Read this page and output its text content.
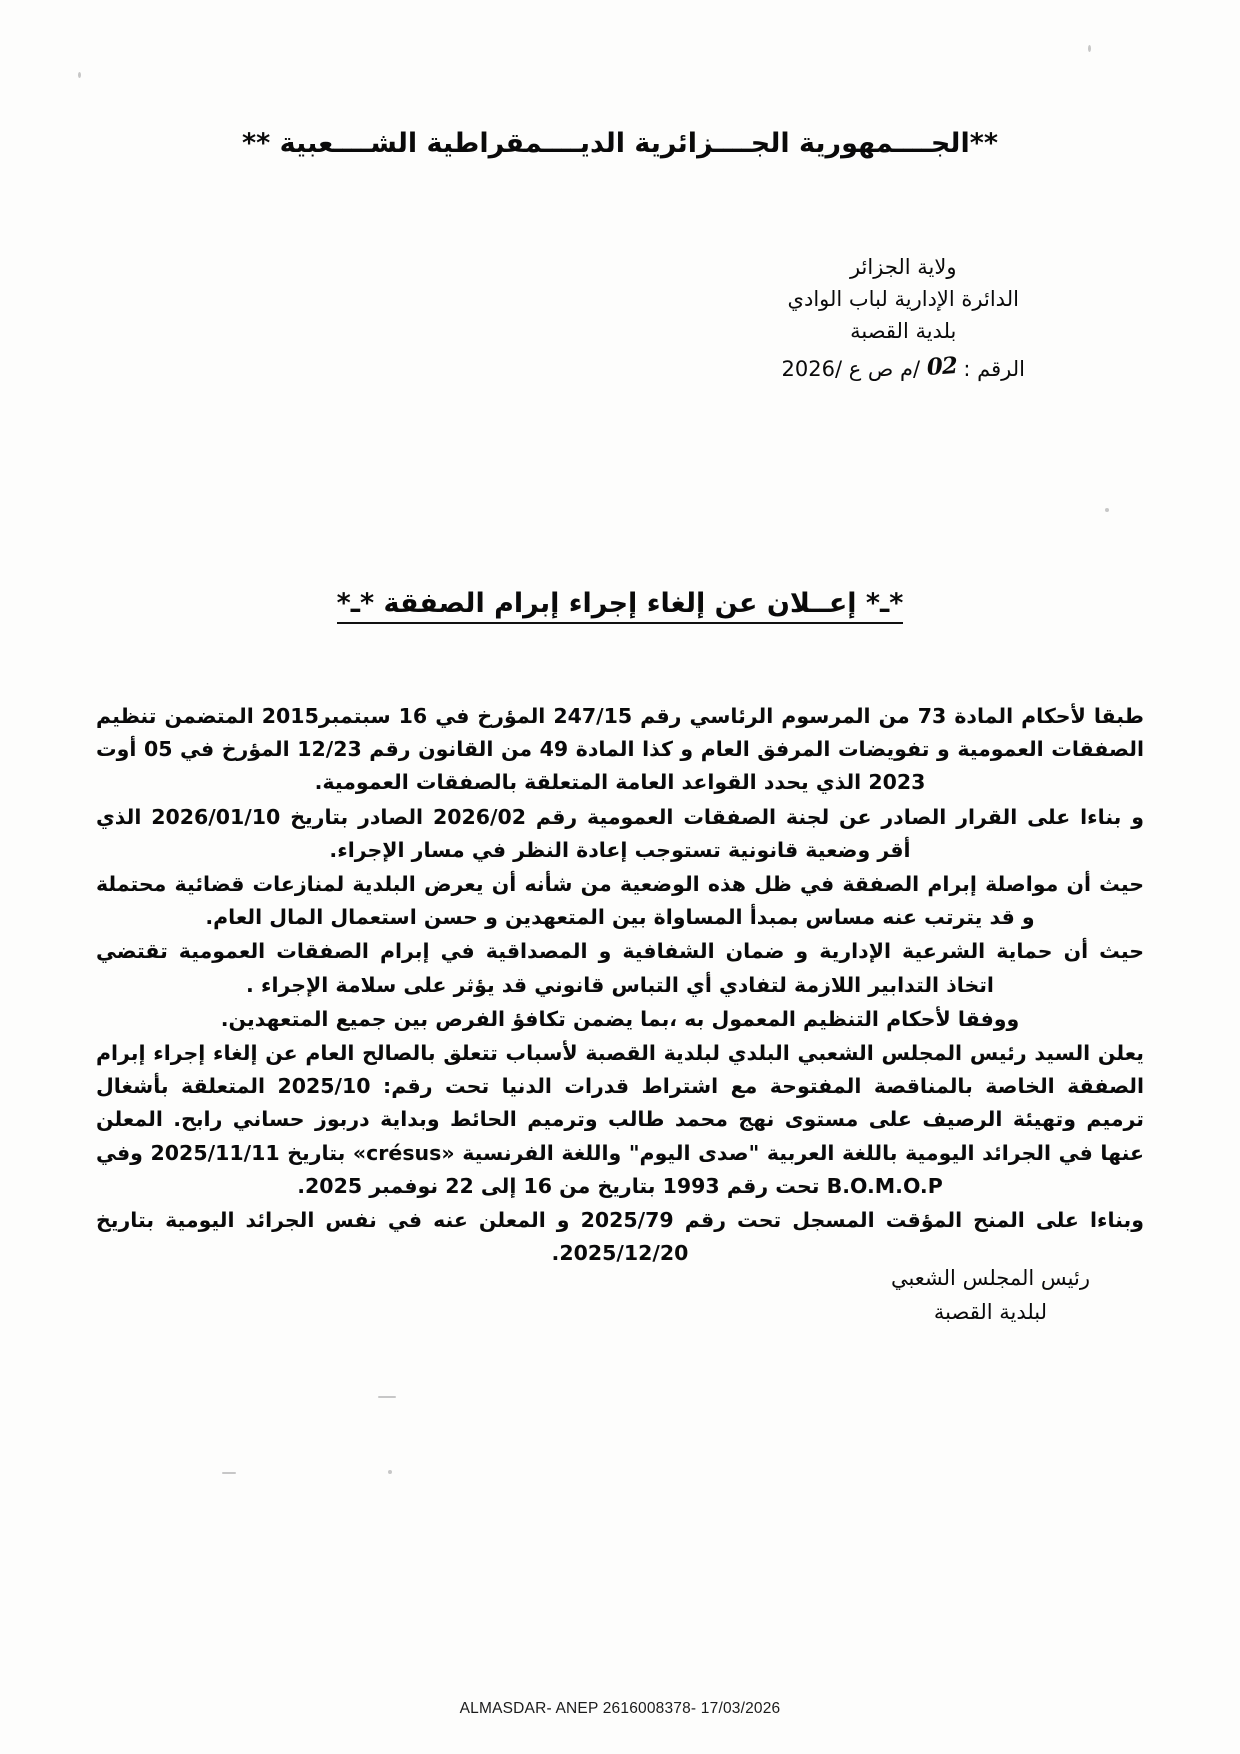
**الجــــمهورية الجــــزائرية الديــــمقراطية الشــــعبية **
ولاية الجزائر
الدائرة الإدارية لباب الوادي
بلدية القصبة
الرقم : 02 /م ص ع /2026
*ـ* إعــلان عن إلغاء إجراء إبرام الصفقة *ـ*

طبقا لأحكام المادة 73 من المرسوم الرئاسي رقم 247/15 المؤرخ في 16 سبتمبر2015 المتضمن تنظيم الصفقات العمومية و تفويضات المرفق العام و كذا المادة 49 من القانون رقم 12/23 المؤرخ في 05 أوت 2023 الذي يحدد القواعد العامة المتعلقة بالصفقات العمومية.

و بناءا على القرار الصادر عن لجنة الصفقات العمومية رقم 2026/02 الصادر بتاريخ 2026/01/10 الذي أقر وضعية قانونية تستوجب إعادة النظر في مسار الإجراء.

حيث أن مواصلة إبرام الصفقة في ظل هذه الوضعية من شأنه أن يعرض البلدية لمنازعات قضائية محتملة و قد يترتب عنه مساس بمبدأ المساواة بين المتعهدين و حسن استعمال المال العام.

حيث أن حماية الشرعية الإدارية و ضمان الشفافية و المصداقية في إبرام الصفقات العمومية تقتضي اتخاذ التدابير اللازمة لتفادي أي التباس قانوني قد يؤثر على سلامة الإجراء .

ووفقا لأحكام التنظيم المعمول به ،بما يضمن تكافؤ الفرص بين جميع المتعهدين.

يعلن السيد رئيس المجلس الشعبي البلدي لبلدية القصبة لأسباب تتعلق بالصالح العام عن إلغاء إجراء إبرام الصفقة الخاصة بالمناقصة المفتوحة مع اشتراط قدرات الدنيا تحت رقم: 2025/10 المتعلقة بأشغال ترميم وتهيئة الرصيف على مستوى نهج محمد طالب وترميم الحائط وبداية دربوز حساني رابح. المعلن عنها في الجرائد اليومية باللغة العربية "صدى اليوم" واللغة الفرنسية «crésus» بتاريخ 2025/11/11 وفي B.O.M.O.P تحت رقم 1993 بتاريخ من 16 إلى 22 نوفمبر 2025.

وبناءا على المنح المؤقت المسجل تحت رقم 2025/79 و المعلن عنه في نفس الجرائد اليومية بتاريخ 2025/12/20.

رئيس المجلس الشعبي
لبلدية القصبة
ALMASDAR- ANEP 2616008378- 17/03/2026
